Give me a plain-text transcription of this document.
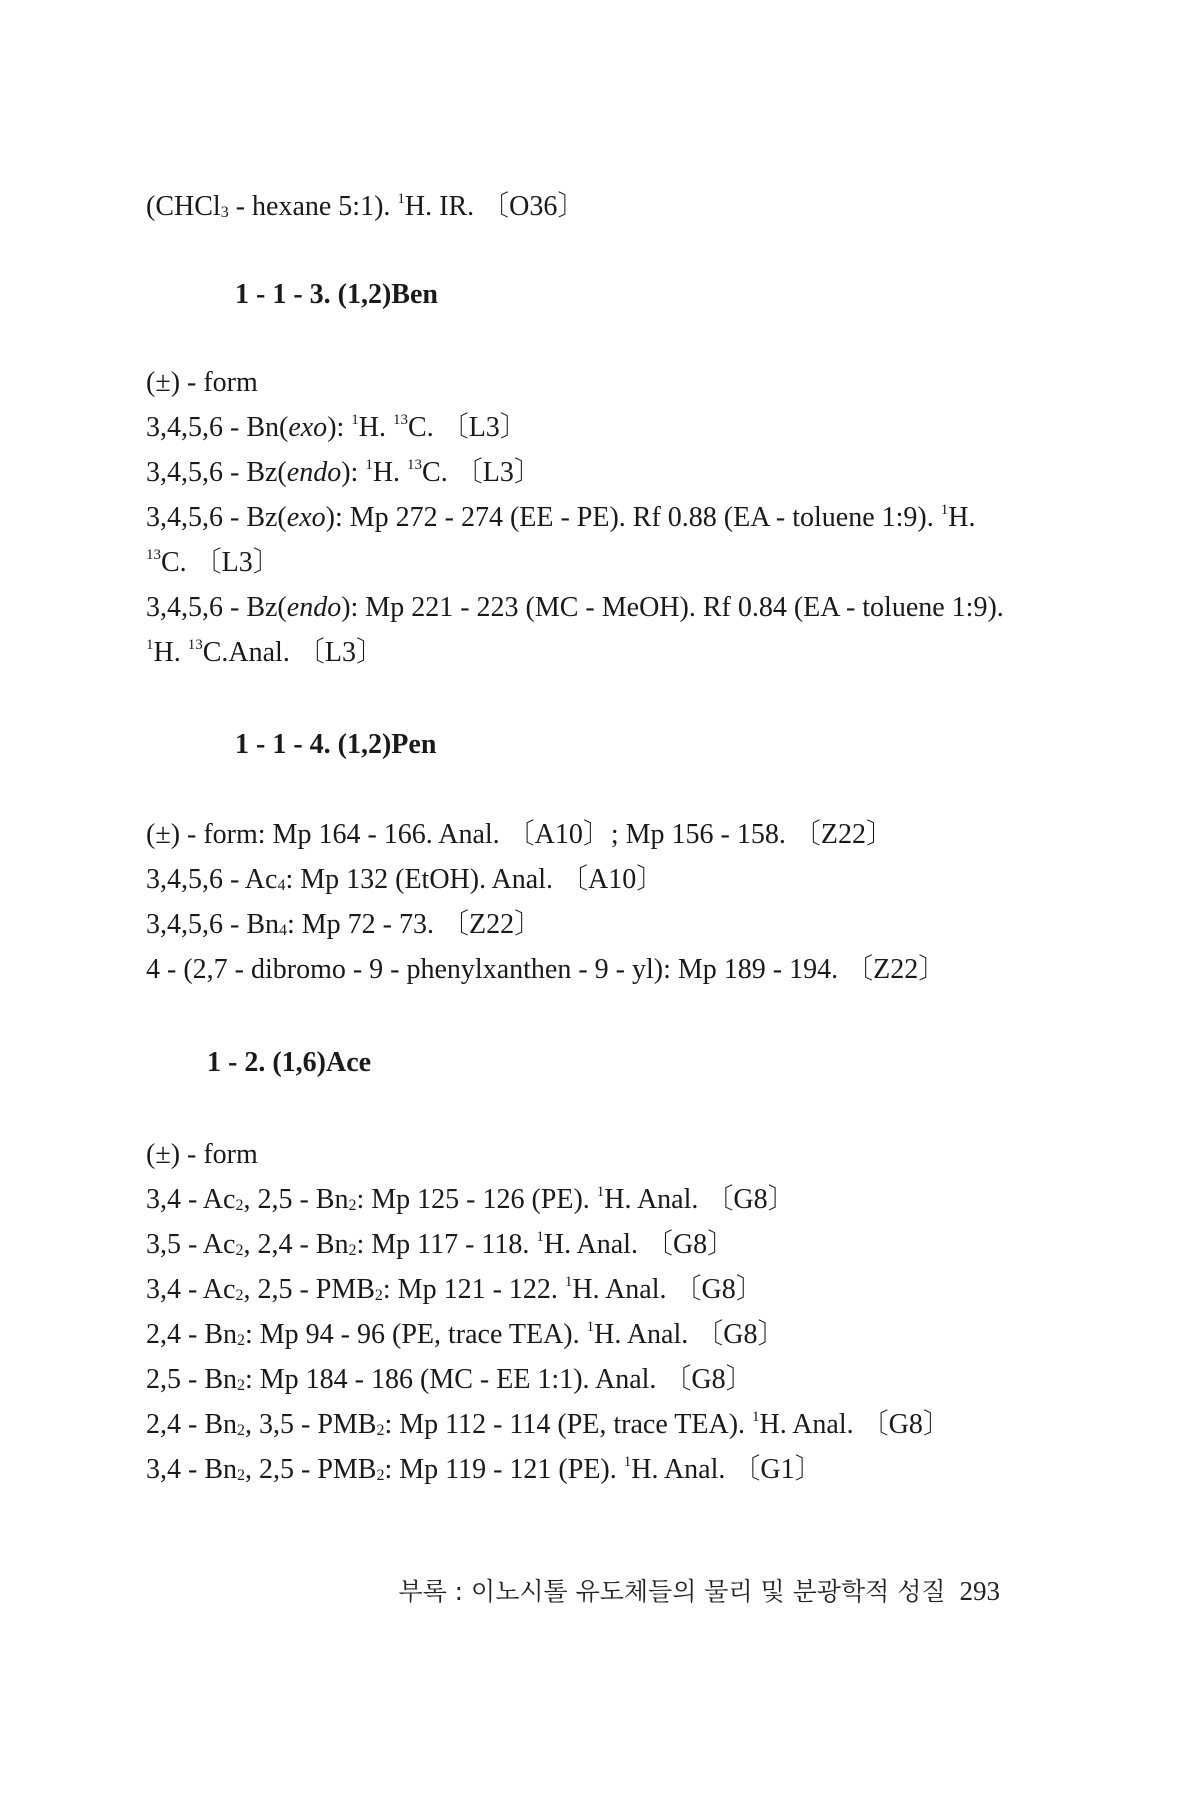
(CHCl$_3$ - hexane 5:1). $^1$H. IR. 〔O36〕
1 - 1 - 3. (1,2)Ben
(±) - form
3,4,5,6 - Bn(exo): $^1$H. $^{13}$C. 〔L3〕
3,4,5,6 - Bz(endo): $^1$H. $^{13}$C. 〔L3〕
3,4,5,6 - Bz(exo): Mp 272 - 274 (EE - PE). Rf 0.88 (EA - toluene 1:9). $^1$H.
$^{13}$C. 〔L3〕
3,4,5,6 - Bz(endo): Mp 221 - 223 (MC - MeOH). Rf 0.84 (EA - toluene 1:9).
$^1$H. $^{13}$C.Anal. 〔L3〕
1 - 1 - 4. (1,2)Pen
(±) - form: Mp 164 - 166. Anal. 〔A10〕; Mp 156 - 158. 〔Z22〕
$3,4,5,6 - Ac_4$: Mp 132 (EtOH). Anal. 〔A10〕
$3,4,5,6 - Bn_4$: Mp 72 - 73. 〔Z22〕
4 - (2,7 - dibromo - 9 - phenylxanthen - 9 - yl): Mp 189 - 194. 〔Z22〕
1 - 2. (1,6)Ace
(±) - form
$3,4 - Ac_2$, $2,5 - Bn_2$: Mp 125 - 126 (PE). $^1$H. Anal. 〔G8〕
$3,5 - Ac_2$, $2,4 - Bn_2$: Mp 117 - 118. $^1$H. Anal. 〔G8〕
$3,4 - Ac_2$, $2,5 - PMB_2$: Mp 121 - 122. $^1$H. Anal. 〔G8〕
$2,4 - Bn_2$: Mp 94 - 96 (PE, trace TEA). $^1$H. Anal. 〔G8〕
$2,5 - Bn_2$: Mp 184 - 186 (MC - EE 1:1). Anal. 〔G8〕
$2,4 - Bn_2$, $3,5 - PMB_2$: Mp 112 - 114 (PE, trace TEA). $^1$H. Anal. 〔G8〕
$3,4 - Bn_2$, $2,5 - PMB_2$: Mp 119 - 121 (PE). $^1$H. Anal. 〔G1〕
부록 : 이노시톨 유도체들의 물리 및 분광학적 성질 293
